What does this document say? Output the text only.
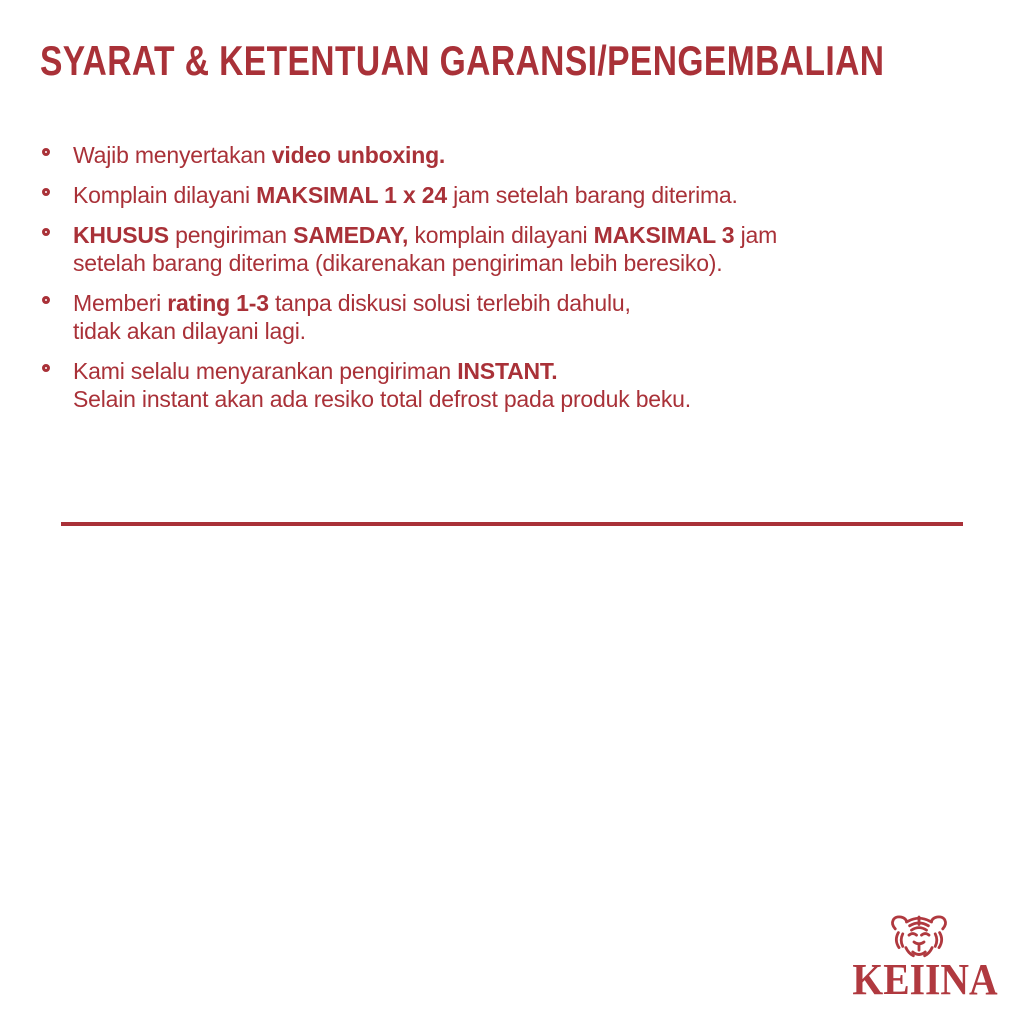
SYARAT & KETENTUAN GARANSI/PENGEMBALIAN
Wajib menyertakan video unboxing.
Komplain dilayani MAKSIMAL 1 x 24 jam setelah barang diterima.
KHUSUS pengiriman SAMEDAY, komplain dilayani MAKSIMAL 3 jam
setelah barang diterima (dikarenakan pengiriman lebih beresiko).
Memberi rating 1-3 tanpa diskusi solusi terlebih dahulu,
tidak akan dilayani lagi.
Kami selalu menyarankan pengiriman INSTANT.
Selain instant akan ada resiko total defrost pada produk beku.
KEIINA
